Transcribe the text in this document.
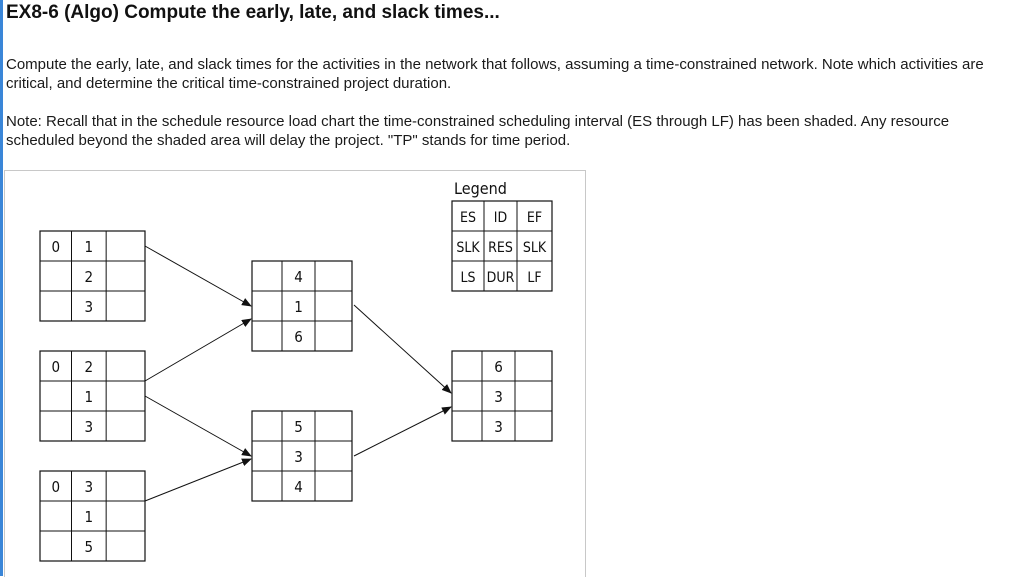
EX8-6 (Algo) Compute the early, late, and slack times...
Compute the early, late, and slack times for the activities in the network that follows, assuming a time-constrained network. Note which activities are critical, and determine the critical time-constrained project duration.
Note: Recall that in the schedule resource load chart the time-constrained scheduling interval (ES through LF) has been shaded. Any resource scheduled beyond the shaded area will delay the project. "TP" stands for time period.
0 1
2
3
0 2
1
3
0 3
1
5
4
1
6
5
3
4
6
3
3
Legend
ES ID EF
SLK RES SLK
LS DUR LF
